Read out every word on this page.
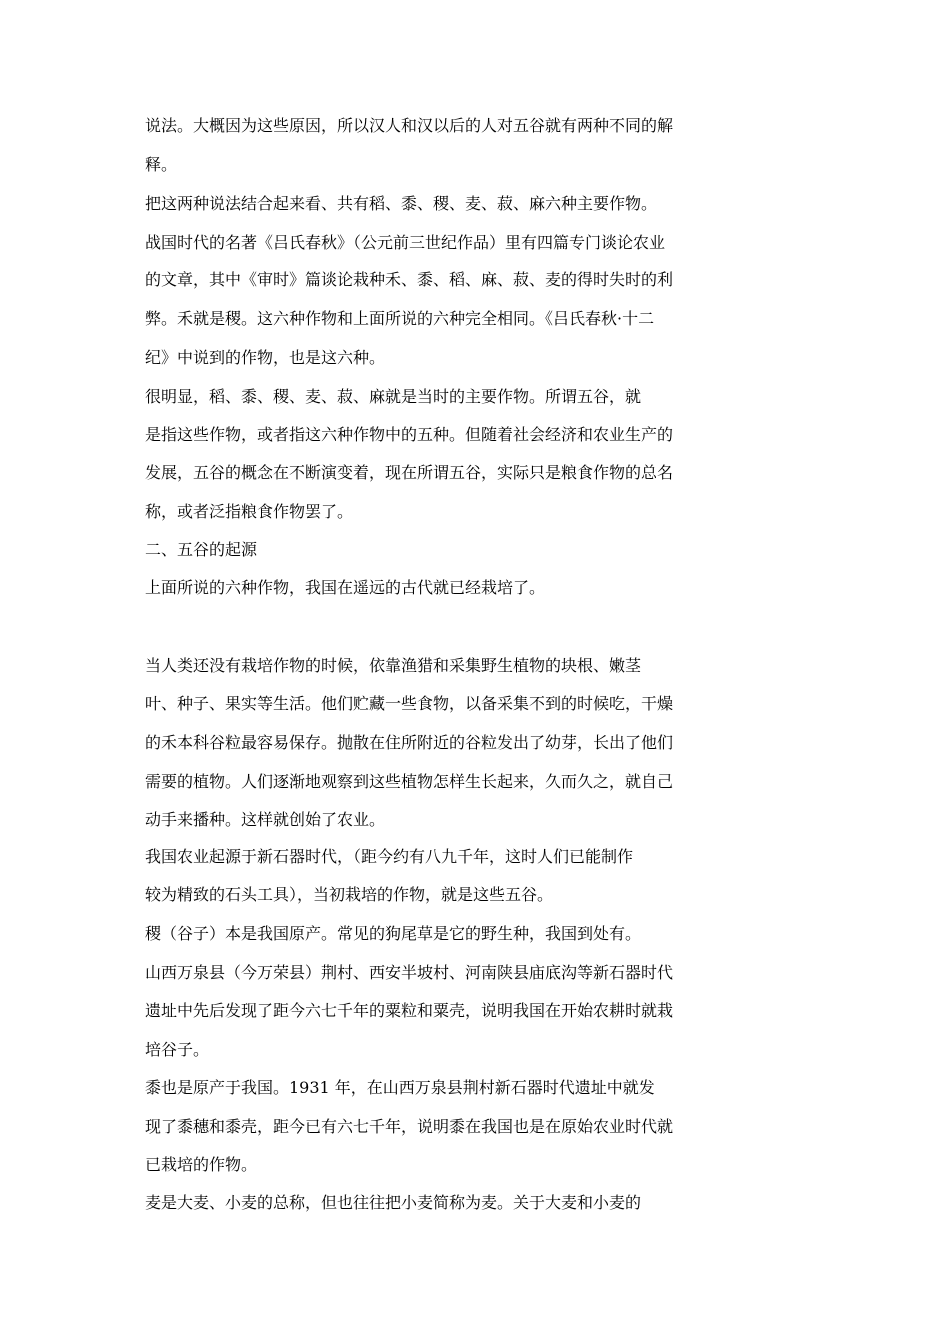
说法。大概因为这些原因，所以汉人和汉以后的人对五谷就有两种不同的解
释。
把这两种说法结合起来看、共有稻、黍、稷、麦、菽、麻六种主要作物。
战国时代的名著《吕氏春秋》（公元前三世纪作品）里有四篇专门谈论农业
的文章，其中《审时》篇谈论栽种禾、黍、稻、麻、菽、麦的得时失时的利
弊。禾就是稷。这六种作物和上面所说的六种完全相同。《吕氏春秋·十二
纪》中说到的作物，也是这六种。
很明显，稻、黍、稷、麦、菽、麻就是当时的主要作物。所谓五谷，就
是指这些作物，或者指这六种作物中的五种。但随着社会经济和农业生产的
发展，五谷的概念在不断演变着，现在所谓五谷，实际只是粮食作物的总名
称，或者泛指粮食作物罢了。
二、五谷的起源
上面所说的六种作物，我国在遥远的古代就已经栽培了。
当人类还没有栽培作物的时候，依靠渔猎和采集野生植物的块根、嫩茎
叶、种子、果实等生活。他们贮藏一些食物，以备采集不到的时候吃，干燥
的禾本科谷粒最容易保存。抛散在住所附近的谷粒发出了幼芽，长出了他们
需要的植物。人们逐渐地观察到这些植物怎样生长起来，久而久之，就自己
动手来播种。这样就创始了农业。
我国农业起源于新石器时代，（距今约有八九千年，这时人们已能制作
较为精致的石头工具），当初栽培的作物，就是这些五谷。
稷（谷子）本是我国原产。常见的狗尾草是它的野生种，我国到处有。
山西万泉县（今万荣县）荆村、西安半坡村、河南陕县庙底沟等新石器时代
遗址中先后发现了距今六七千年的粟粒和粟壳，说明我国在开始农耕时就栽
培谷子。
黍也是原产于我国。1931 年，在山西万泉县荆村新石器时代遗址中就发
现了黍穗和黍壳，距今已有六七千年，说明黍在我国也是在原始农业时代就
已栽培的作物。
麦是大麦、小麦的总称，但也往往把小麦简称为麦。关于大麦和小麦的
